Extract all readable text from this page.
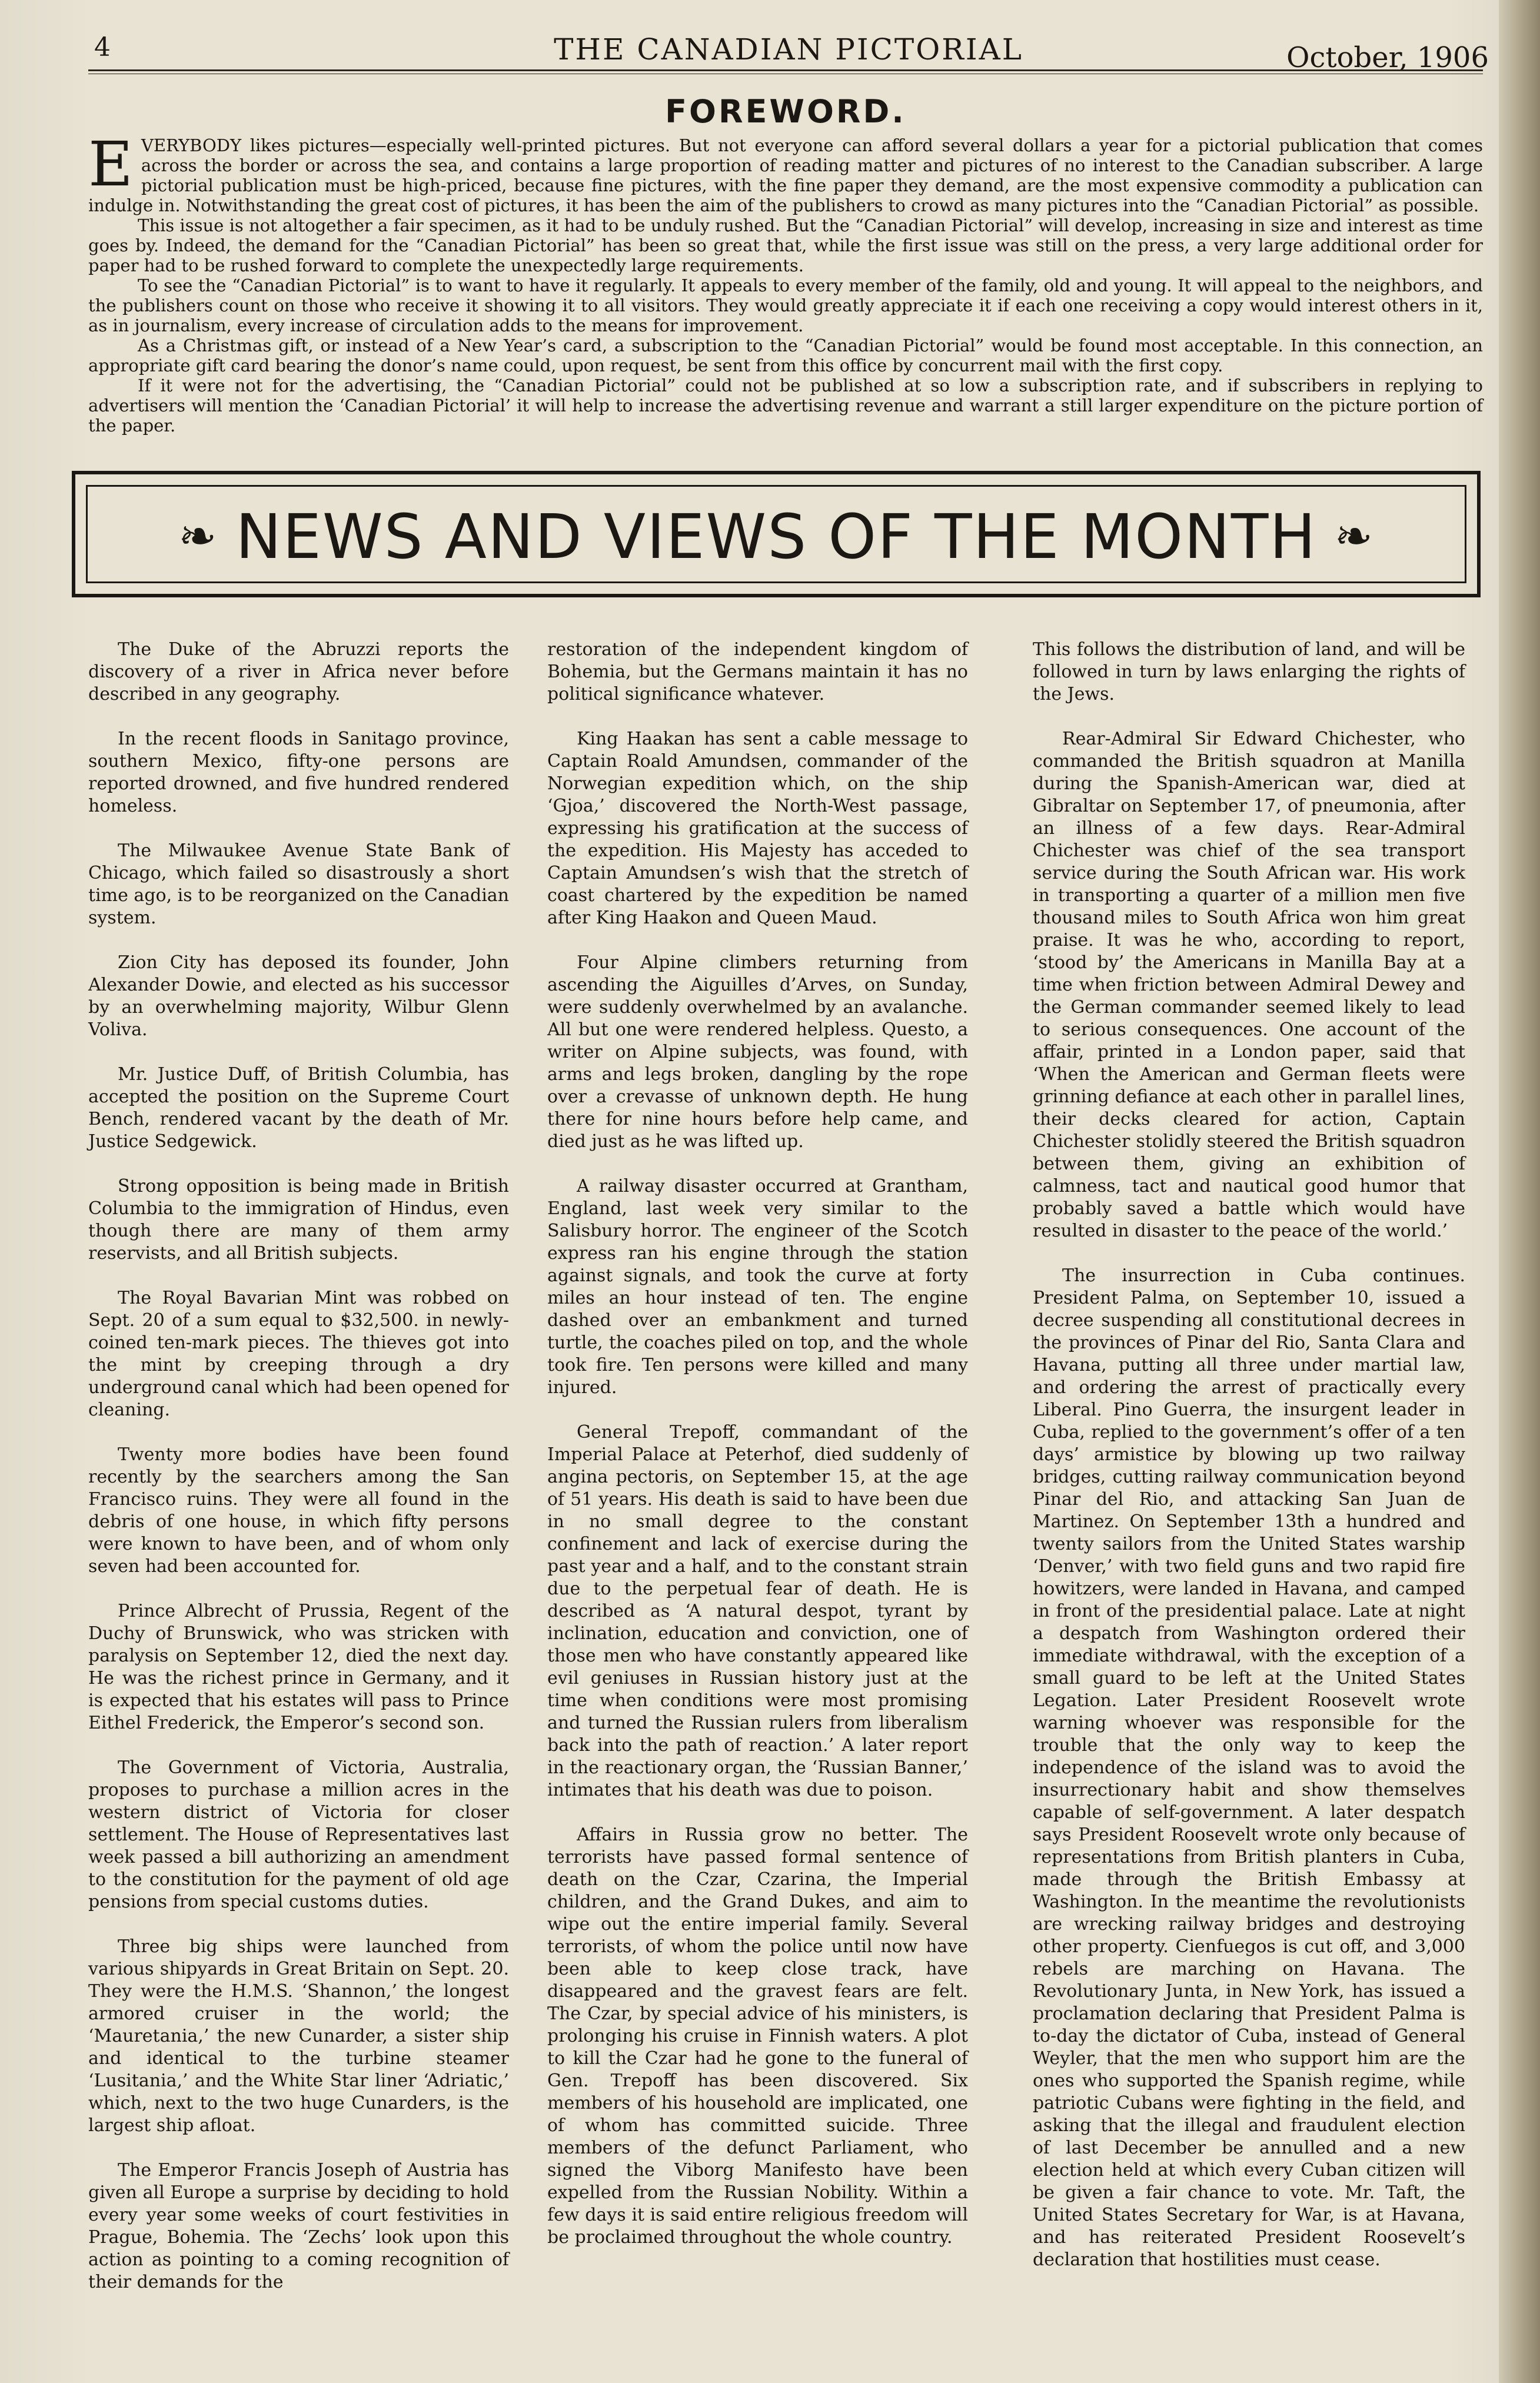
4	THE CANADIAN PICTORIAL	October, 1906
FOREWORD.

EVERYBODY likes pictures—especially well-printed pictures. But not everyone can afford several dollars a year for a pictorial publication that comes across the border or across the sea, and contains a large proportion of reading matter and pictures of no interest to the Canadian subscriber. A large pictorial publication must be high-priced, because fine pictures, with the fine paper they demand, are the most expensive commodity a publication can indulge in. Notwithstanding the great cost of pictures, it has been the aim of the publishers to crowd as many pictures into the “Canadian Pictorial” as possible.

This issue is not altogether a fair specimen, as it had to be unduly rushed. But the “Canadian Pictorial” will develop, increasing in size and interest as time goes by. Indeed, the demand for the “Canadian Pictorial” has been so great that, while the first issue was still on the press, a very large additional order for paper had to be rushed forward to complete the unexpectedly large requirements.

To see the “Canadian Pictorial” is to want to have it regularly. It appeals to every member of the family, old and young. It will appeal to the neighbors, and the publishers count on those who receive it showing it to all visitors. They would greatly appreciate it if each one receiving a copy would interest others in it, as in journalism, every increase of circulation adds to the means for improvement.

As a Christmas gift, or instead of a New Year’s card, a subscription to the “Canadian Pictorial” would be found most acceptable. In this connection, an appropriate gift card bearing the donor’s name could, upon request, be sent from this office by concurrent mail with the first copy.

If it were not for the advertising, the “Canadian Pictorial” could not be published at so low a subscription rate, and if subscribers in replying to advertisers will mention the ‘Canadian Pictorial’ it will help to increase the advertising revenue and warrant a still larger expenditure on the picture portion of the paper.

❧ NEWS AND VIEWS OF THE MONTH ❧

The Duke of the Abruzzi reports the discovery of a river in Africa never before described in any geography.

In the recent floods in Sanitago province, southern Mexico, fifty-one persons are reported drowned, and five hundred rendered homeless.

The Milwaukee Avenue State Bank of Chicago, which failed so disastrously a short time ago, is to be reorganized on the Canadian system.

Zion City has deposed its founder, John Alexander Dowie, and elected as his successor by an overwhelming majority, Wilbur Glenn Voliva.

Mr. Justice Duff, of British Columbia, has accepted the position on the Supreme Court Bench, rendered vacant by the death of Mr. Justice Sedgewick.

Strong opposition is being made in British Columbia to the immigration of Hindus, even though there are many of them army reservists, and all British subjects.

The Royal Bavarian Mint was robbed on Sept. 20 of a sum equal to $32,500. in newly-coined ten-mark pieces. The thieves got into the mint by creeping through a dry underground canal which had been opened for cleaning.

Twenty more bodies have been found recently by the searchers among the San Francisco ruins. They were all found in the debris of one house, in which fifty persons were known to have been, and of whom only seven had been accounted for.

Prince Albrecht of Prussia, Regent of the Duchy of Brunswick, who was stricken with paralysis on September 12, died the next day. He was the richest prince in Germany, and it is expected that his estates will pass to Prince Eithel Frederick, the Emperor’s second son.

The Government of Victoria, Australia, proposes to purchase a million acres in the western district of Victoria for closer settlement. The House of Representatives last week passed a bill authorizing an amendment to the constitution for the payment of old age pensions from special customs duties.

Three big ships were launched from various shipyards in Great Britain on Sept. 20. They were the H.M.S. ‘Shannon,’ the longest armored cruiser in the world; the ‘Mauretania,’ the new Cunarder, a sister ship and identical to the turbine steamer ‘Lusitania,’ and the White Star liner ‘Adriatic,’ which, next to the two huge Cunarders, is the largest ship afloat.

The Emperor Francis Joseph of Austria has given all Europe a surprise by deciding to hold every year some weeks of court festivities in Prague, Bohemia. The ‘Zechs’ look upon this action as pointing to a coming recognition of their demands for the

restoration of the independent kingdom of Bohemia, but the Germans maintain it has no political significance whatever.

King Haakan has sent a cable message to Captain Roald Amundsen, commander of the Norwegian expedition which, on the ship ‘Gjoa,’ discovered the North-West passage, expressing his gratification at the success of the expedition. His Majesty has acceded to Captain Amundsen’s wish that the stretch of coast chartered by the expedition be named after King Haakon and Queen Maud.

Four Alpine climbers returning from ascending the Aiguilles d’Arves, on Sunday, were suddenly overwhelmed by an avalanche. All but one were rendered helpless. Questo, a writer on Alpine subjects, was found, with arms and legs broken, dangling by the rope over a crevasse of unknown depth. He hung there for nine hours before help came, and died just as he was lifted up.

A railway disaster occurred at Grantham, England, last week very similar to the Salisbury horror. The engineer of the Scotch express ran his engine through the station against signals, and took the curve at forty miles an hour instead of ten. The engine dashed over an embankment and turned turtle, the coaches piled on top, and the whole took fire. Ten persons were killed and many injured.

General Trepoff, commandant of the Imperial Palace at Peterhof, died suddenly of angina pectoris, on September 15, at the age of 51 years. His death is said to have been due in no small degree to the constant confinement and lack of exercise during the past year and a half, and to the constant strain due to the perpetual fear of death. He is described as ‘A natural despot, tyrant by inclination, education and conviction, one of those men who have constantly appeared like evil geniuses in Russian history just at the time when conditions were most promising and turned the Russian rulers from liberalism back into the path of reaction.’ A later report in the reactionary organ, the ‘Russian Banner,’ intimates that his death was due to poison.

Affairs in Russia grow no better. The terrorists have passed formal sentence of death on the Czar, Czarina, the Imperial children, and the Grand Dukes, and aim to wipe out the entire imperial family. Several terrorists, of whom the police until now have been able to keep close track, have disappeared and the gravest fears are felt. The Czar, by special advice of his ministers, is prolonging his cruise in Finnish waters. A plot to kill the Czar had he gone to the funeral of Gen. Trepoff has been discovered. Six members of his household are implicated, one of whom has committed suicide. Three members of the defunct Parliament, who signed the Viborg Manifesto have been expelled from the Russian Nobility. Within a few days it is said entire religious freedom will be proclaimed throughout the whole country.

This follows the distribution of land, and will be followed in turn by laws enlarging the rights of the Jews.

Rear-Admiral Sir Edward Chichester, who commanded the British squadron at Manilla during the Spanish-American war, died at Gibraltar on September 17, of pneumonia, after an illness of a few days. Rear-Admiral Chichester was chief of the sea transport service during the South African war. His work in transporting a quarter of a million men five thousand miles to South Africa won him great praise. It was he who, according to report, ‘stood by’ the Americans in Manilla Bay at a time when friction between Admiral Dewey and the German commander seemed likely to lead to serious consequences. One account of the affair, printed in a London paper, said that ‘When the American and German fleets were grinning defiance at each other in parallel lines, their decks cleared for action, Captain Chichester stolidly steered the British squadron between them, giving an exhibition of calmness, tact and nautical good humor that probably saved a battle which would have resulted in disaster to the peace of the world.’

The insurrection in Cuba continues. President Palma, on September 10, issued a decree suspending all constitutional decrees in the provinces of Pinar del Rio, Santa Clara and Havana, putting all three under martial law, and ordering the arrest of practically every Liberal. Pino Guerra, the insurgent leader in Cuba, replied to the government’s offer of a ten days’ armistice by blowing up two railway bridges, cutting railway communication beyond Pinar del Rio, and attacking San Juan de Martinez. On September 13th a hundred and twenty sailors from the United States warship ‘Denver,’ with two field guns and two rapid fire howitzers, were landed in Havana, and camped in front of the presidential palace. Late at night a despatch from Washington ordered their immediate withdrawal, with the exception of a small guard to be left at the United States Legation. Later President Roosevelt wrote warning whoever was responsible for the trouble that the only way to keep the independence of the island was to avoid the insurrectionary habit and show themselves capable of self-government. A later despatch says President Roosevelt wrote only because of representations from British planters in Cuba, made through the British Embassy at Washington. In the meantime the revolutionists are wrecking railway bridges and destroying other property. Cienfuegos is cut off, and 3,000 rebels are marching on Havana. The Revolutionary Junta, in New York, has issued a proclamation declaring that President Palma is to-day the dictator of Cuba, instead of General Weyler, that the men who support him are the ones who supported the Spanish regime, while patriotic Cubans were fighting in the field, and asking that the illegal and fraudulent election of last December be annulled and a new election held at which every Cuban citizen will be given a fair chance to vote. Mr. Taft, the United States Secretary for War, is at Havana, and has reiterated President Roosevelt’s declaration that hostilities must cease.
